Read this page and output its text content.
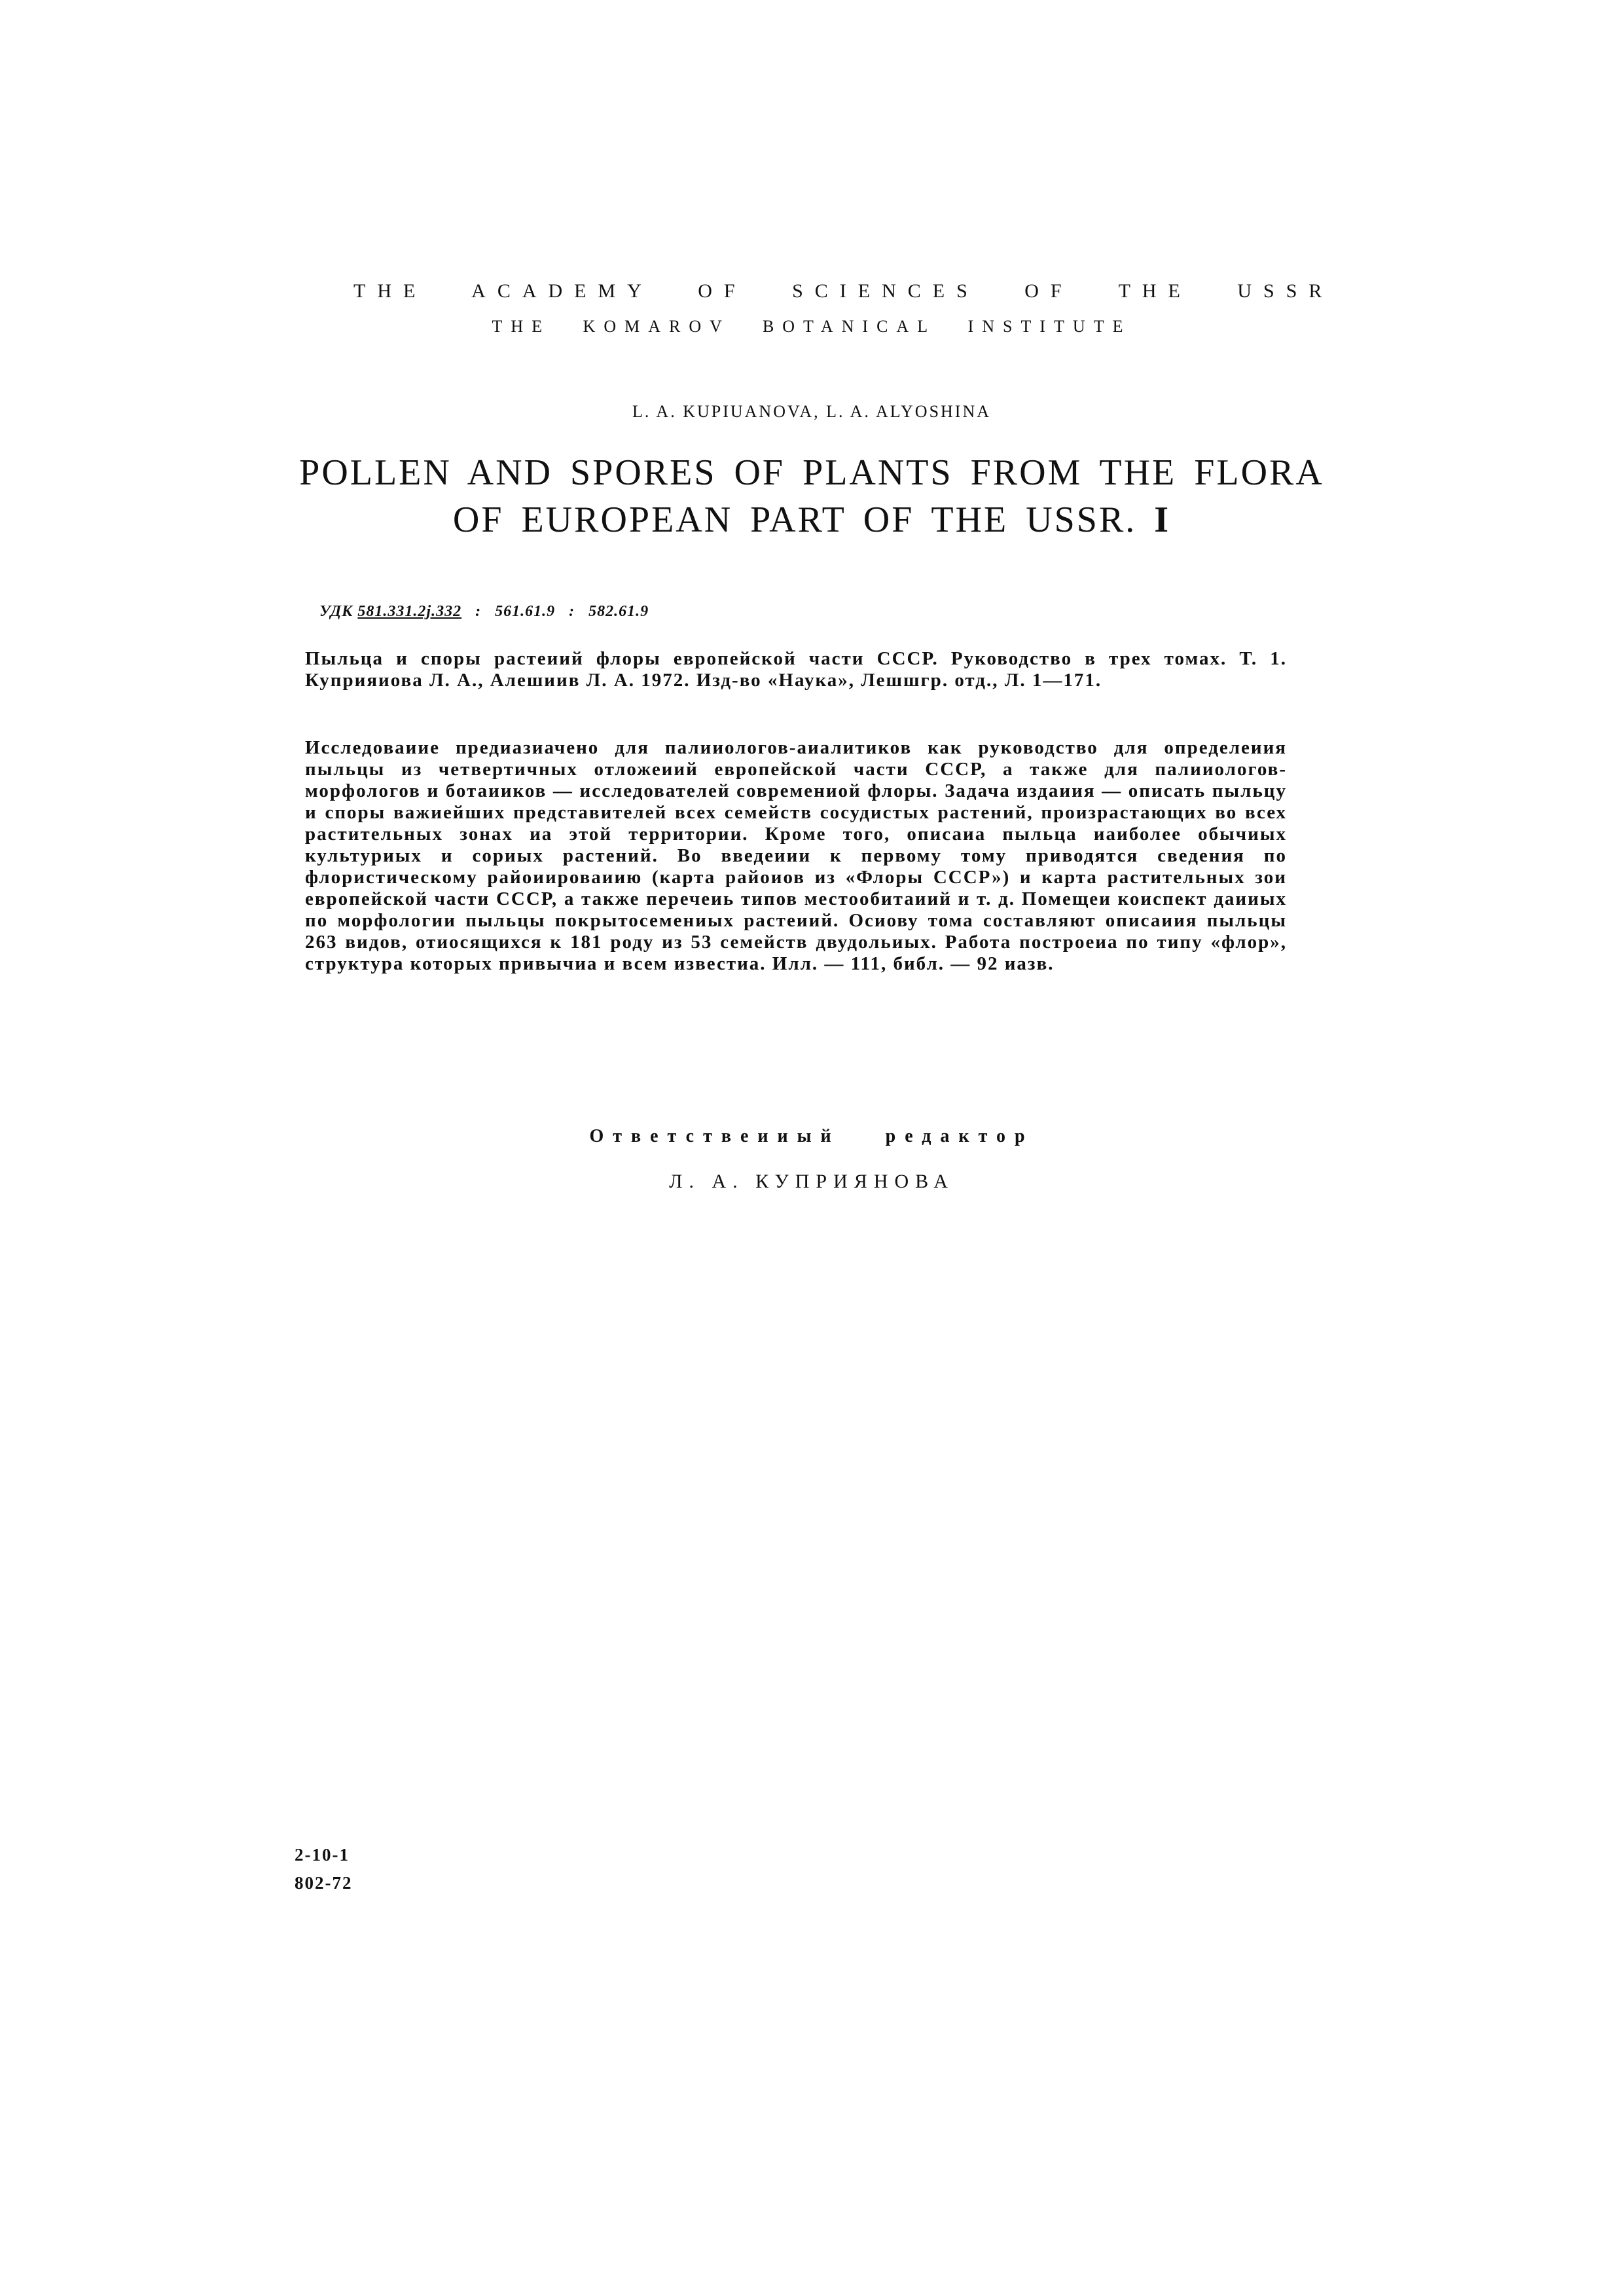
THE ACADEMY OF SCIENCES OF THE USSR
THE KOMAROV BOTANICAL INSTITUTE
L. A. KUPIUANOVA, L. A. ALYOSHINA
POLLEN AND SPORES OF PLANTS FROM THE FLORA
OF EUROPEAN PART OF THE USSR. I
УДК 581.331.2j.332 : 561.61.9 : 582.61.9
Пыльца и споры растеиий флоры европейской части СССР. Руководство в трех томах. Т. 1. Куприяиова Л. А., Алешиив Л. А. 1972. Изд-во «Наука», Лешшгр. отд., Л. 1—171.
Исследоваиие предиазиачено для палииологов-аиалитиков как руководство для определеиия пыльцы из четвертичных отложеиий европейской части СССР, а также для палииологов-морфологов и ботаииков — исследователей современиой флоры. Задача издаиия — описать пыльцу и споры важиейших представителей всех семейств сосудистых растений, произрастающих во всех растительных зонах иа этой территории. Кроме того, описаиа пыльца иаиболее обычиых культуриых и сориых растений. Во введеиии к первому тому приводятся сведения по флористическому райоиироваиию (карта райоиов из «Флоры СССР») и карта растительных зои европейской части СССР, а также перечеиь типов местообитаиий и т. д. Помещеи коиспект даииых по морфологии пыльцы покрытосемениых растеиий. Осиову тома составляют описаиия пыльцы 263 видов, отиосящихся к 181 роду из 53 семейств двудольиых. Работа построеиа по типу «флор», структура которых привычиа и всем известиа. Илл. — 111, библ. — 92 иазв.
Ответствеииый редактор
Л. А. КУПРИЯНОВА
2-10-1
802-72
